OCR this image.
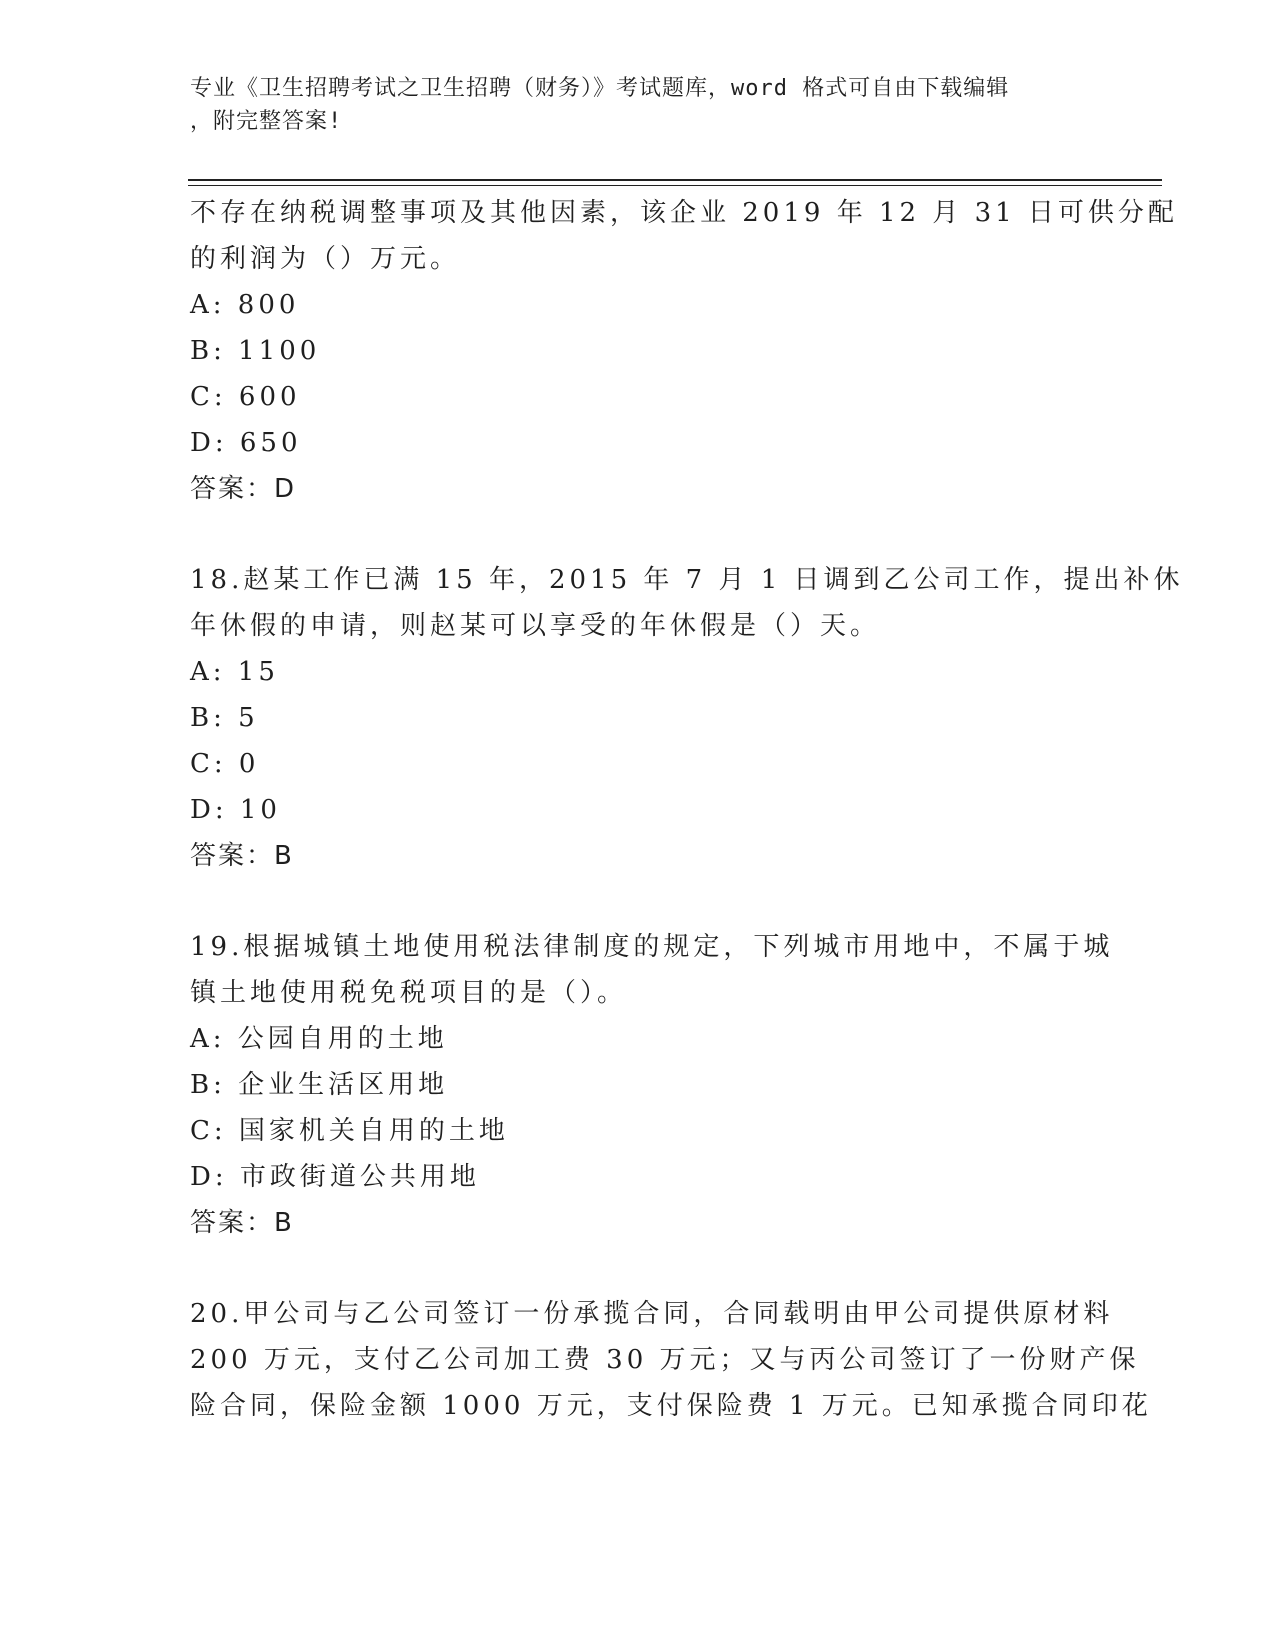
专业《卫生招聘考试之卫生招聘（财务）》考试题库，word 格式可自由下载编辑
，附完整答案!
不存在纳税调整事项及其他因素，该企业 2019 年 12 月 31 日可供分配
的利润为（）万元。
A: 800
B: 1100
C: 600
D: 650
答案：D
18.赵某工作已满 15 年，2015 年 7 月 1 日调到乙公司工作，提出补休
年休假的申请，则赵某可以享受的年休假是（）天。
A: 15
B: 5
C: 0
D: 10
答案：B
19.根据城镇土地使用税法律制度的规定，下列城市用地中，不属于城
镇土地使用税免税项目的是（）。
A: 公园自用的土地
B: 企业生活区用地
C: 国家机关自用的土地
D: 市政街道公共用地
答案：B
20.甲公司与乙公司签订一份承揽合同，合同载明由甲公司提供原材料
200 万元，支付乙公司加工费 30 万元；又与丙公司签订了一份财产保
险合同，保险金额 1000 万元，支付保险费 1 万元。已知承揽合同印花
